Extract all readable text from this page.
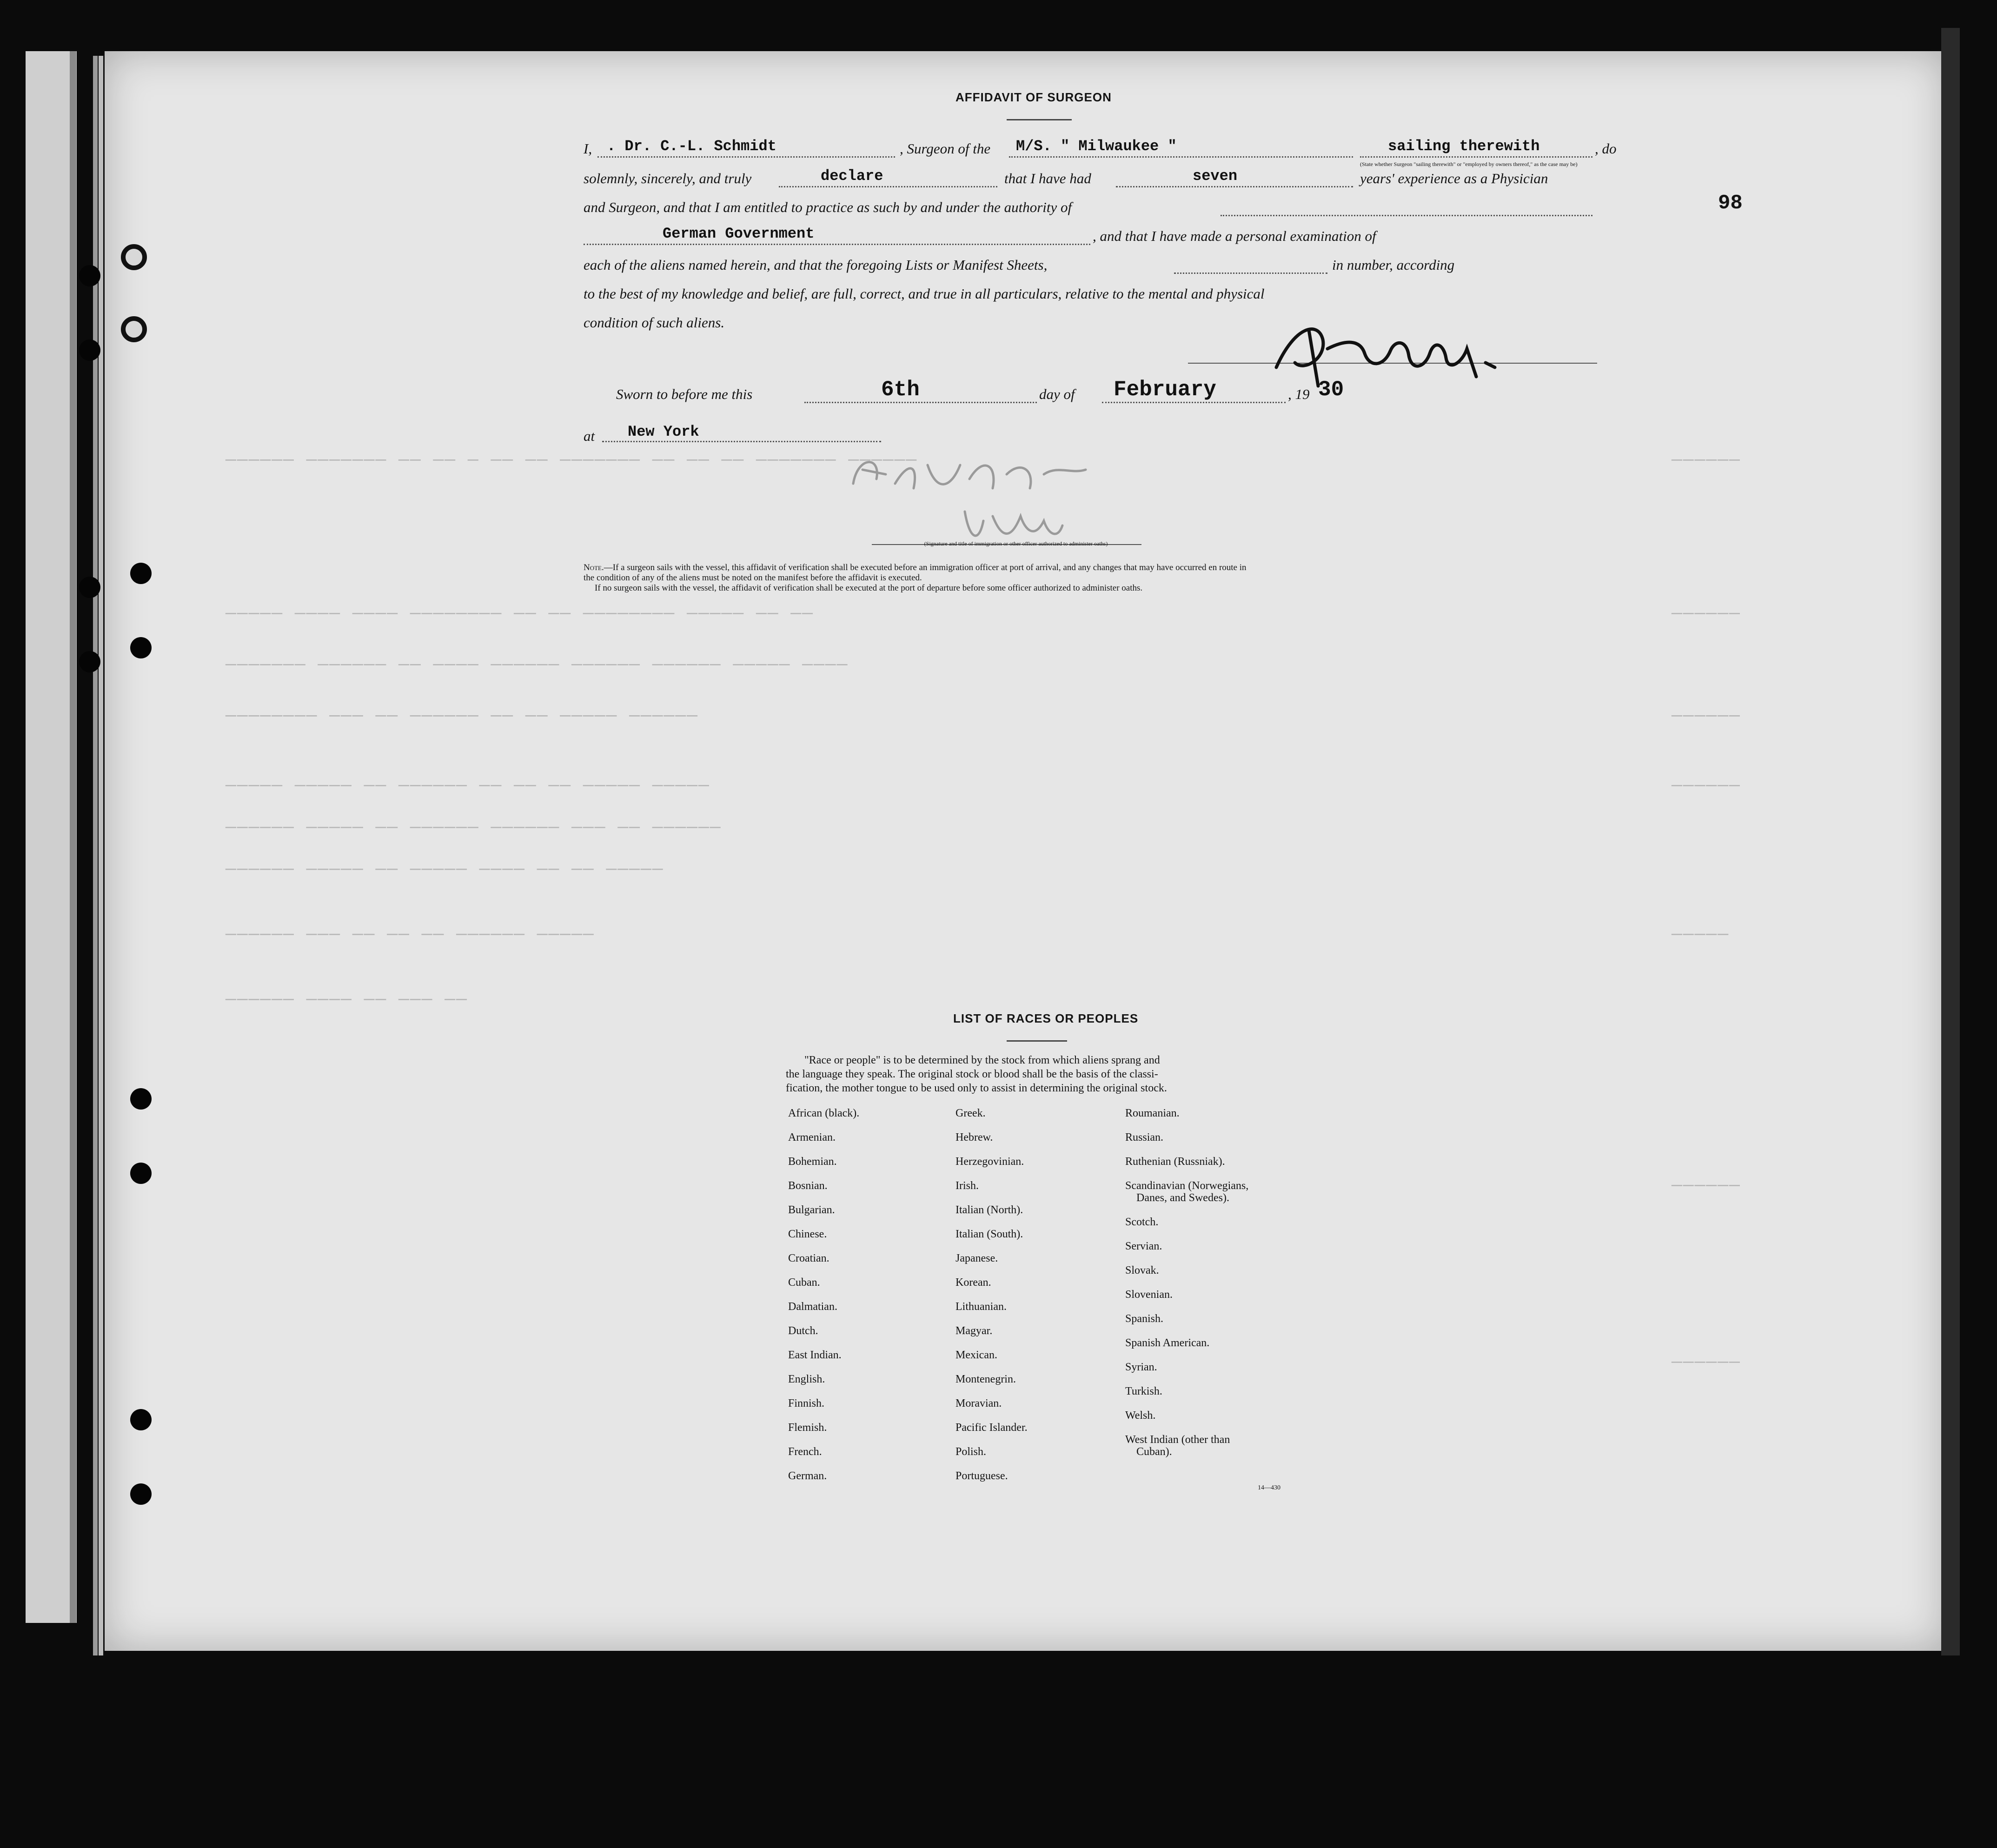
────── ─────── ── ── ─ ── ── ─────── ── ── ── ─────── ──────
───── ──── ──── ──────── ── ── ──────── ───── ── ──
─────── ────── ── ──── ────── ────── ────── ───── ────
──────── ─── ── ────── ── ── ───── ──────
───── ───── ── ────── ── ── ── ───── ─────
────── ───── ── ────── ────── ─── ── ──────
────── ───── ── ───── ──── ── ── ─────
────── ─── ── ── ── ────── ─────
────── ──── ── ─── ──
──────
──────
──────
──────
─────
──────
──────
98
AFFIDAVIT OF SURGEON
I, . Dr. C.-L. Schmidt	, Surgeon of the M/S. " Milwaukee "	sailing therewith	, do
(State whether Surgeon "sailing therewith" or "employed by owners thereof," as the case may be)
solemnly, sincerely, and truly	declare	that I have had	seven	years' experience as a Physician
and Surgeon, and that I am entitled to practice as such by and under the authority of
German Government	, and that I have made a personal examination of
each of the aliens named herein, and that the foregoing Lists or Manifest Sheets,	in number, according
to the best of my knowledge and belief, are full, correct, and true in all particulars, relative to the mental and physical
condition of such aliens.
Sworn to before me this	6th	day of February	, 19 30
at New York
(Signature and title of immigration or other officer authorized to administer oaths)
Note.—If a surgeon sails with the vessel, this affidavit of verification shall be executed before an immigration officer at port of arrival, and any changes that may have occurred en route in
the condition of any of the aliens must be noted on the manifest before the affidavit is executed.
If no surgeon sails with the vessel, the affidavit of verification shall be executed at the port of departure before some officer authorized to administer oaths.
LIST OF RACES OR PEOPLES
"Race or people" is to be determined by the stock from which aliens sprang and
the language they speak. The original stock or blood shall be the basis of the classi-
fication, the mother tongue to be used only to assist in determining the original stock.
African (black).
Armenian.
Bohemian.
Bosnian.
Bulgarian.
Chinese.
Croatian.
Cuban.
Dalmatian.
Dutch.
East Indian.
English.
Finnish.
Flemish.
French.
German.
Greek.
Hebrew.
Herzegovinian.
Irish.
Italian (North).
Italian (South).
Japanese.
Korean.
Lithuanian.
Magyar.
Mexican.
Montenegrin.
Moravian.
Pacific Islander.
Polish.
Portuguese.
Roumanian.
Russian.
Ruthenian (Russniak).
Scandinavian (Norwegians,
Danes, and Swedes).
Scotch.
Servian.
Slovak.
Slovenian.
Spanish.
Spanish American.
Syrian.
Turkish.
Welsh.
West Indian (other than
Cuban).
14—430
